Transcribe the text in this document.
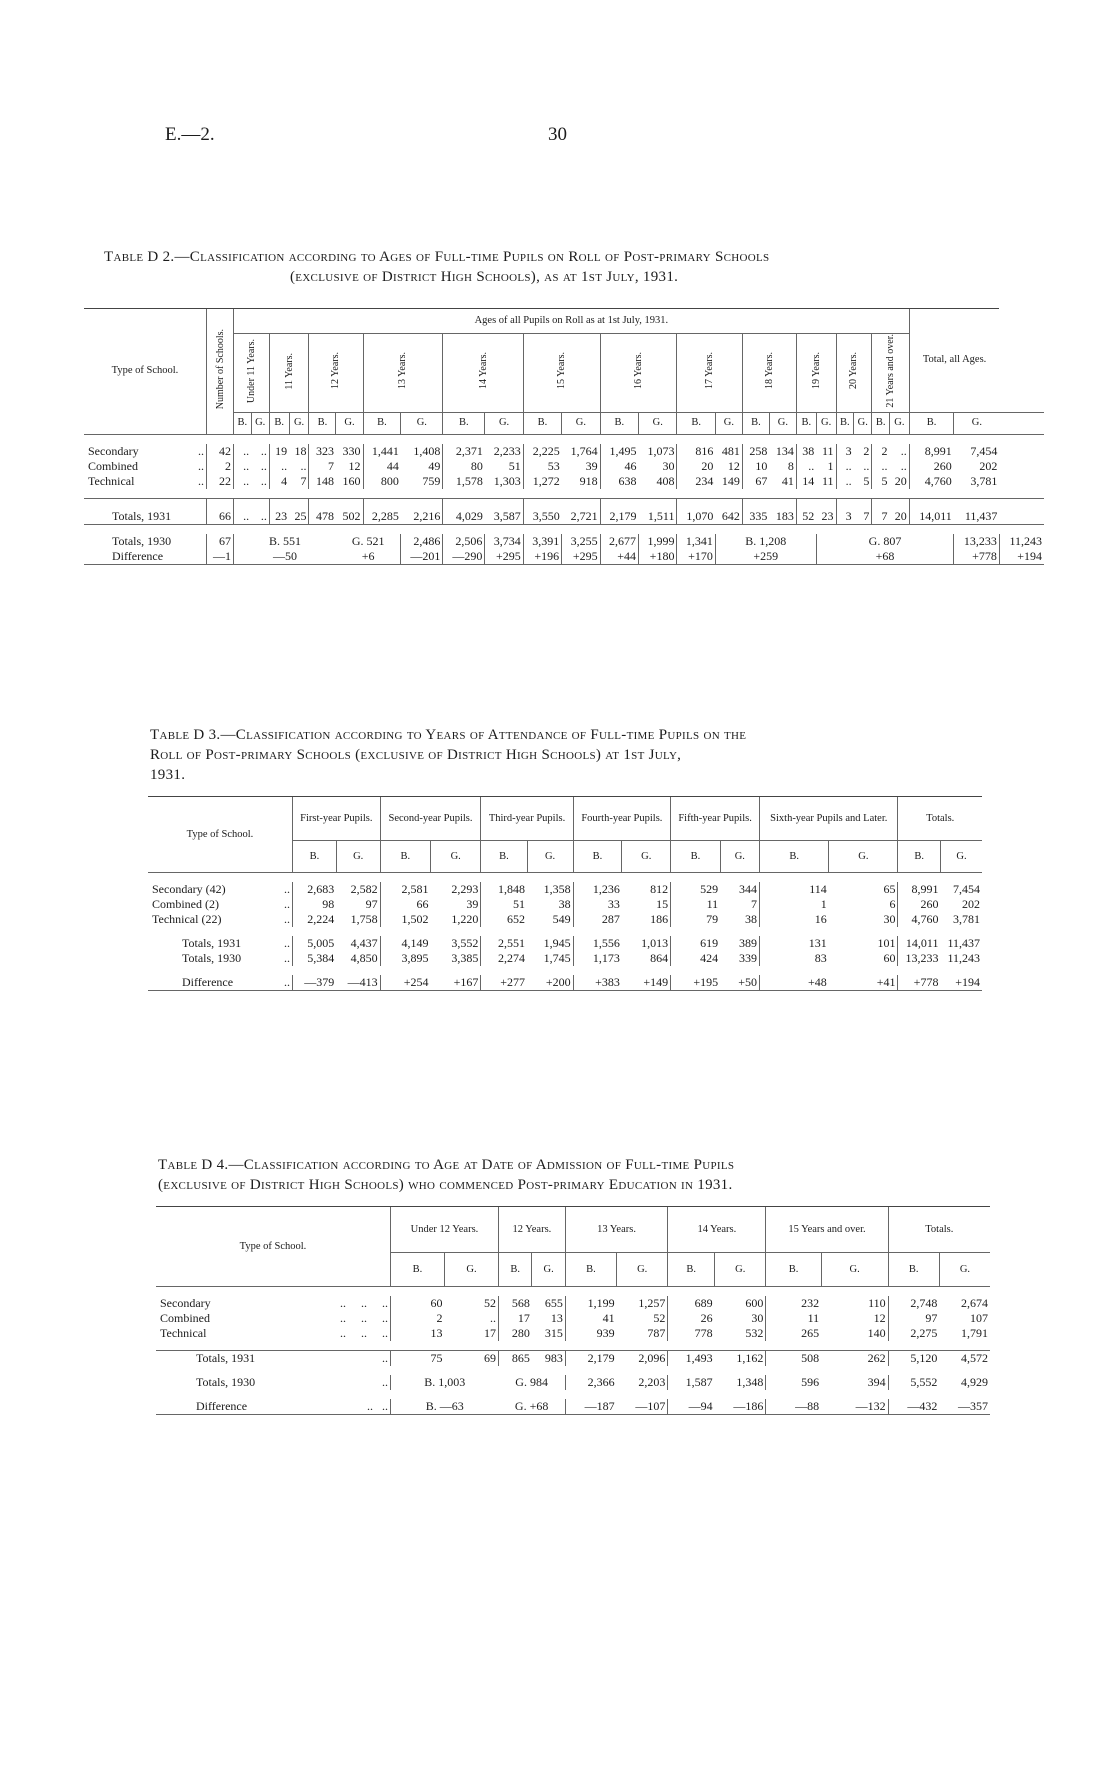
E.—2.	30
Table D 2.—Classification according to Ages of Full-time Pupils on Roll of Post-primary Schools
(exclusive of District High Schools), as at 1st July, 1931.
Type of School.	Number of Schools.	Ages of all Pupils on Roll as at 1st July, 1931.																								Total, all Ages.		
		Under 11 Years.		11 Years.		12 Years.		13 Years.		14 Years.		15 Years.		16 Years.		17 Years.		18 Years.		19 Years.		20 Years.		21 Years and over.				
		B.	G.	B.	G.	B.	G.	B.	G.	B.	G.	B.	G.	B.	G.	B.	G.	B.	G.	B.	G.	B.	G.	B.	G.	B.	G.	

Secondary ..	42	..	..	19	18	323	330	1,441	1,408	2,371	2,233	2,225	1,764	1,495	1,073	816	481	258	134	38	11	3	2	2	..	8,991	7,454	
Combined ..	2	..	..	..	..	7	12	44	49	80	51	53	39	46	30	20	12	10	8	..	1	..	..	..	..	260	202	
Technical ..	22	..	..	4	7	148	160	800	759	1,578	1,303	1,272	918	638	408	234	149	67	41	14	11	..	5	5	20	4,760	3,781	

Totals, 1931	66	..	..	23	25	478	502	2,285	2,216	4,029	3,587	3,550	2,721	2,179	1,511	1,070	642	335	183	52	23	3	7	7	20	14,011	11,437	

Totals, 1930	67	B. 551					G. 521		2,486	2,506	3,734	3,391	3,255	2,677	1,999	1,341	B. 1,208				G. 807						13,233	11,243
Difference	—1	—50					+6		—201	—290	+295	+196	+295	+44	+180	+170	+259				+68						+778	+194
Table D 3.—Classification according to Years of Attendance of Full-time Pupils on the
Roll of Post-primary Schools (exclusive of District High Schools) at 1st July,
1931.
Type of School.	First-year Pupils.		Second-year Pupils.		Third-year Pupils.		Fourth-year Pupils.		Fifth-year Pupils.		Sixth-year Pupils and Later.		Totals.	
	B.	G.	B.	G.	B.	G.	B.	G.	B.	G.	B.	G.	B.	G.

Secondary (42) ..	2,683	2,582	2,581	2,293	1,848	1,358	1,236	812	529	344	114	65	8,991	7,454
Combined (2) ..	98	97	66	39	51	38	33	15	11	7	1	6	260	202
Technical (22) ..	2,224	1,758	1,502	1,220	652	549	287	186	79	38	16	30	4,760	3,781

Totals, 1931 ..	5,005	4,437	4,149	3,552	2,551	1,945	1,556	1,013	619	389	131	101	14,011	11,437
Totals, 1930 ..	5,384	4,850	3,895	3,385	2,274	1,745	1,173	864	424	339	83	60	13,233	11,243

Difference ..	—379	—413	+254	+167	+277	+200	+383	+149	+195	+50	+48	+41	+778	+194
Table D 4.—Classification according to Age at Date of Admission of Full-time Pupils
(exclusive of District High Schools) who commenced Post-primary Education in 1931.
Type of School.	Under 12 Years.		12 Years.		13 Years.		14 Years.		15 Years and over.		Totals.	
	B.	G.	B.	G.	B.	G.	B.	G.	B.	G.	B.	G.

Secondary ..     ..     ..	60	52	568	655	1,199	1,257	689	600	232	110	2,748	2,674
Combined ..     ..     ..	2	..	17	13	41	52	26	30	11	12	97	107
Technical ..     ..     ..	13	17	280	315	939	787	778	532	265	140	2,275	1,791

Totals, 1931 ..	75	69	865	983	2,179	2,096	1,493	1,162	508	262	5,120	4,572

Totals, 1930 ..	B. 1,003		G. 984		2,366	2,203	1,587	1,348	596	394	5,552	4,929

Difference ..   ..	B. —63		G. +68		—187	—107	—94	—186	—88	—132	—432	—357
